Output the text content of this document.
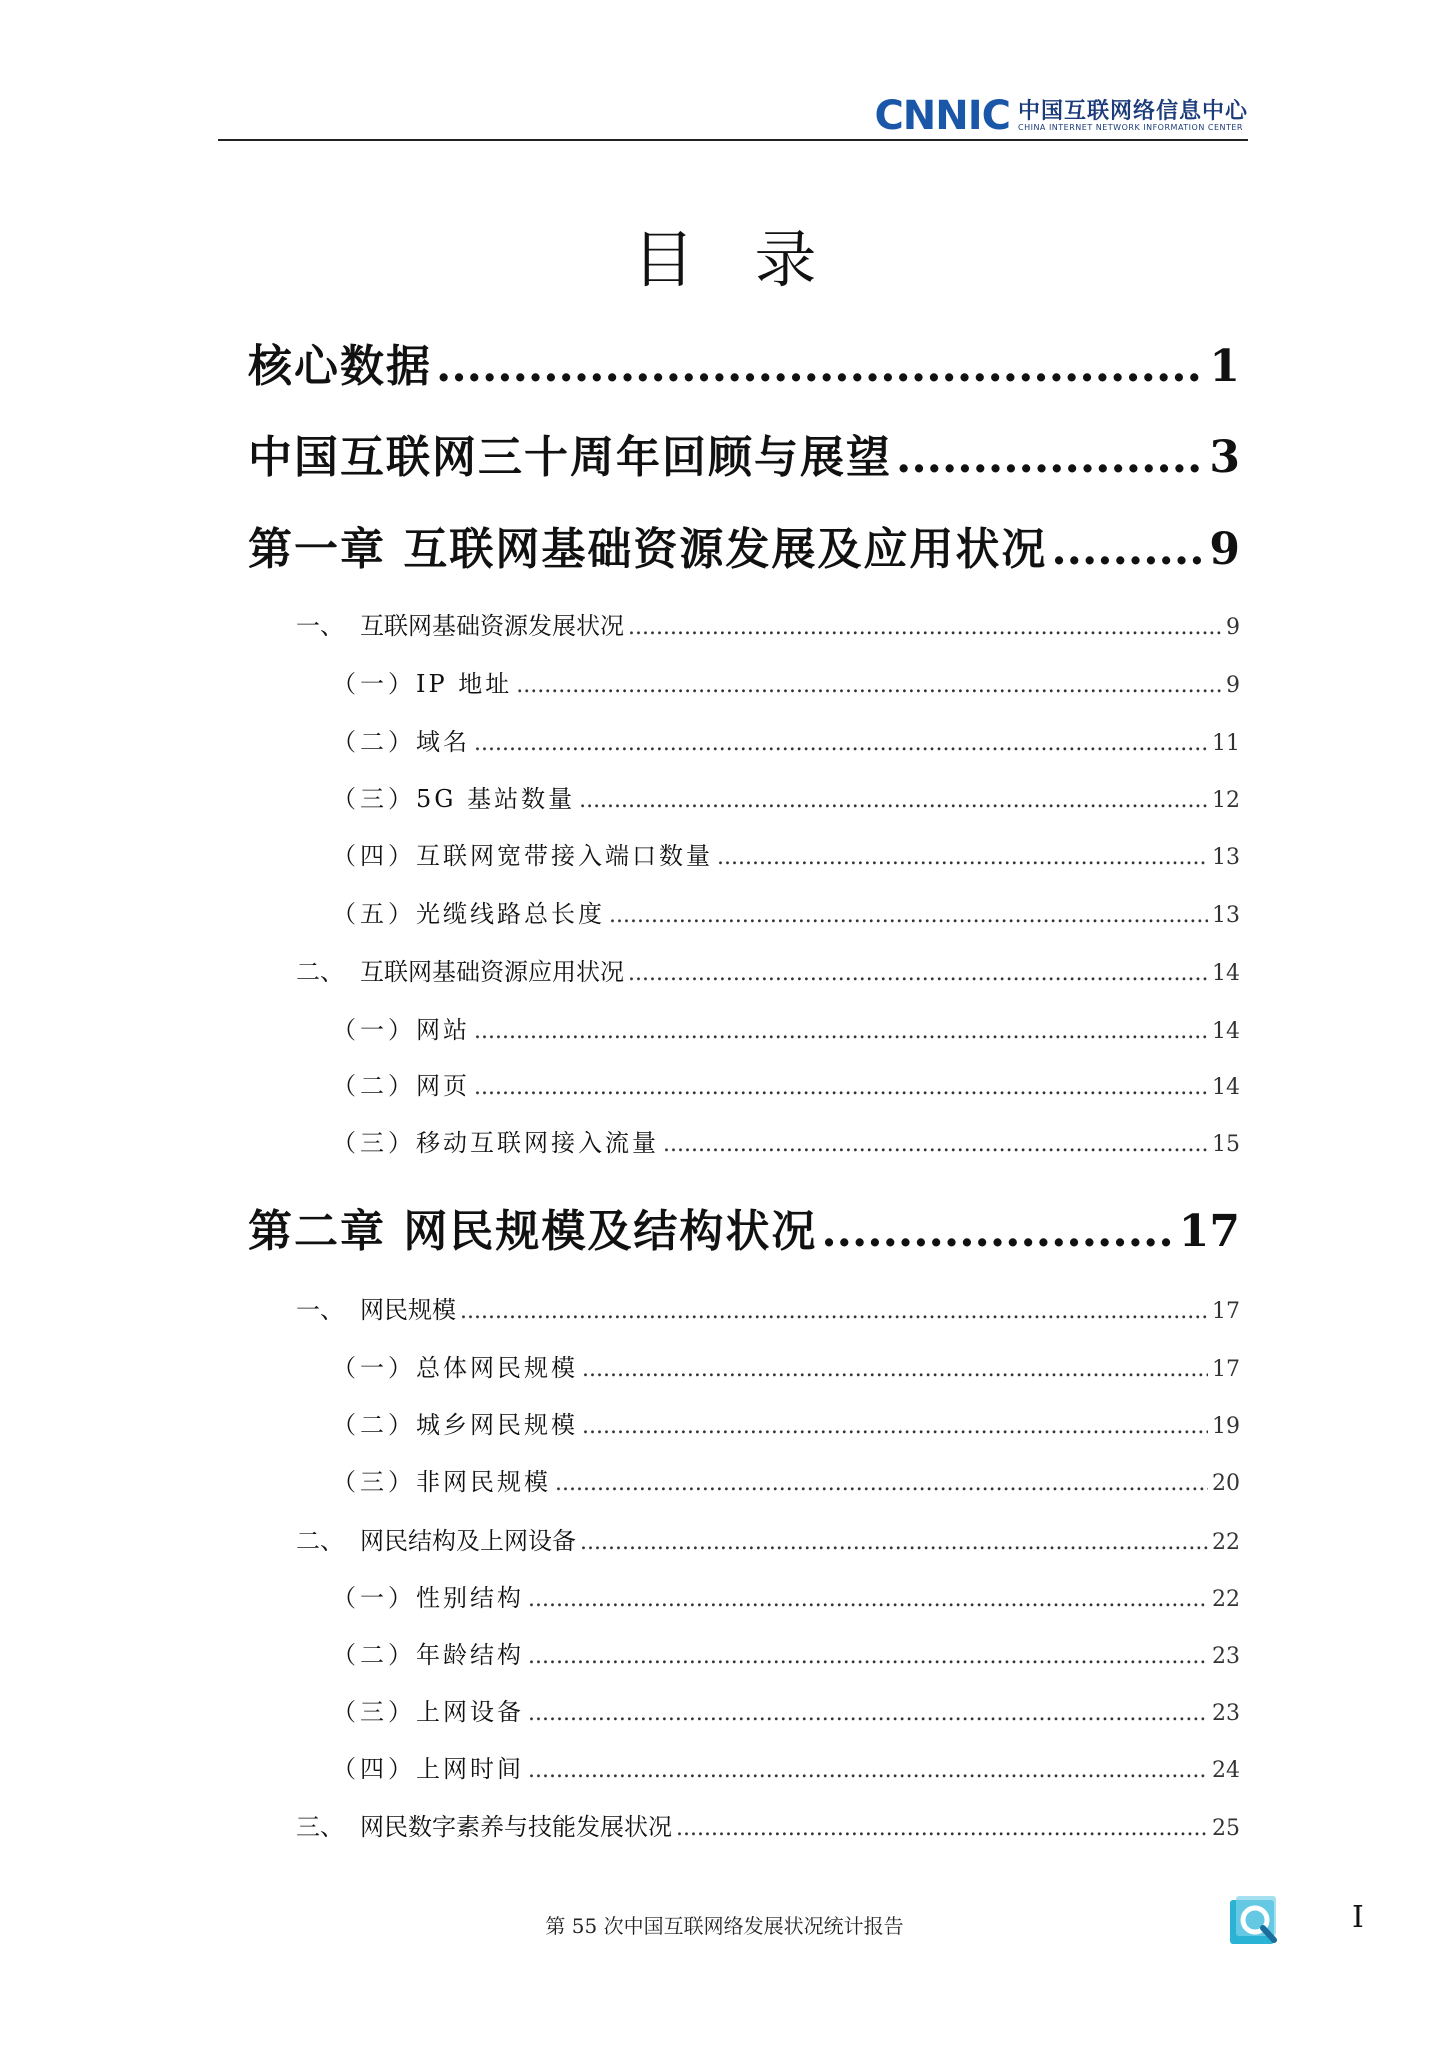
CNNIC 中国互联网络信息中心
CHINA INTERNET NETWORK INFORMATION CENTER
目录
核心数据 .....	1
中国互联网三十周年回顾与展望 .....	3
第一章 互联网基础资源发展及应用状况 .....	9
一、 互联网基础资源发展状况 .....	9
（一）IP 地址 .....	9
（二）域名 .....	11
（三）5G 基站数量 .....	12
（四）互联网宽带接入端口数量 .....	13
（五）光缆线路总长度 .....	13
二、 互联网基础资源应用状况 .....	14
（一）网站 .....	14
（二）网页 .....	14
（三）移动互联网接入流量 .....	15
第二章 网民规模及结构状况 .....	17
一、 网民规模 .....	17
（一）总体网民规模 .....	17
（二）城乡网民规模 .....	19
（三）非网民规模 .....	20
二、 网民结构及上网设备 .....	22
（一）性别结构 .....	22
（二）年龄结构 .....	23
（三）上网设备 .....	23
（四）上网时间 .....	24
三、 网民数字素养与技能发展状况 .....	25
第 55 次中国互联网络发展状况统计报告	I
